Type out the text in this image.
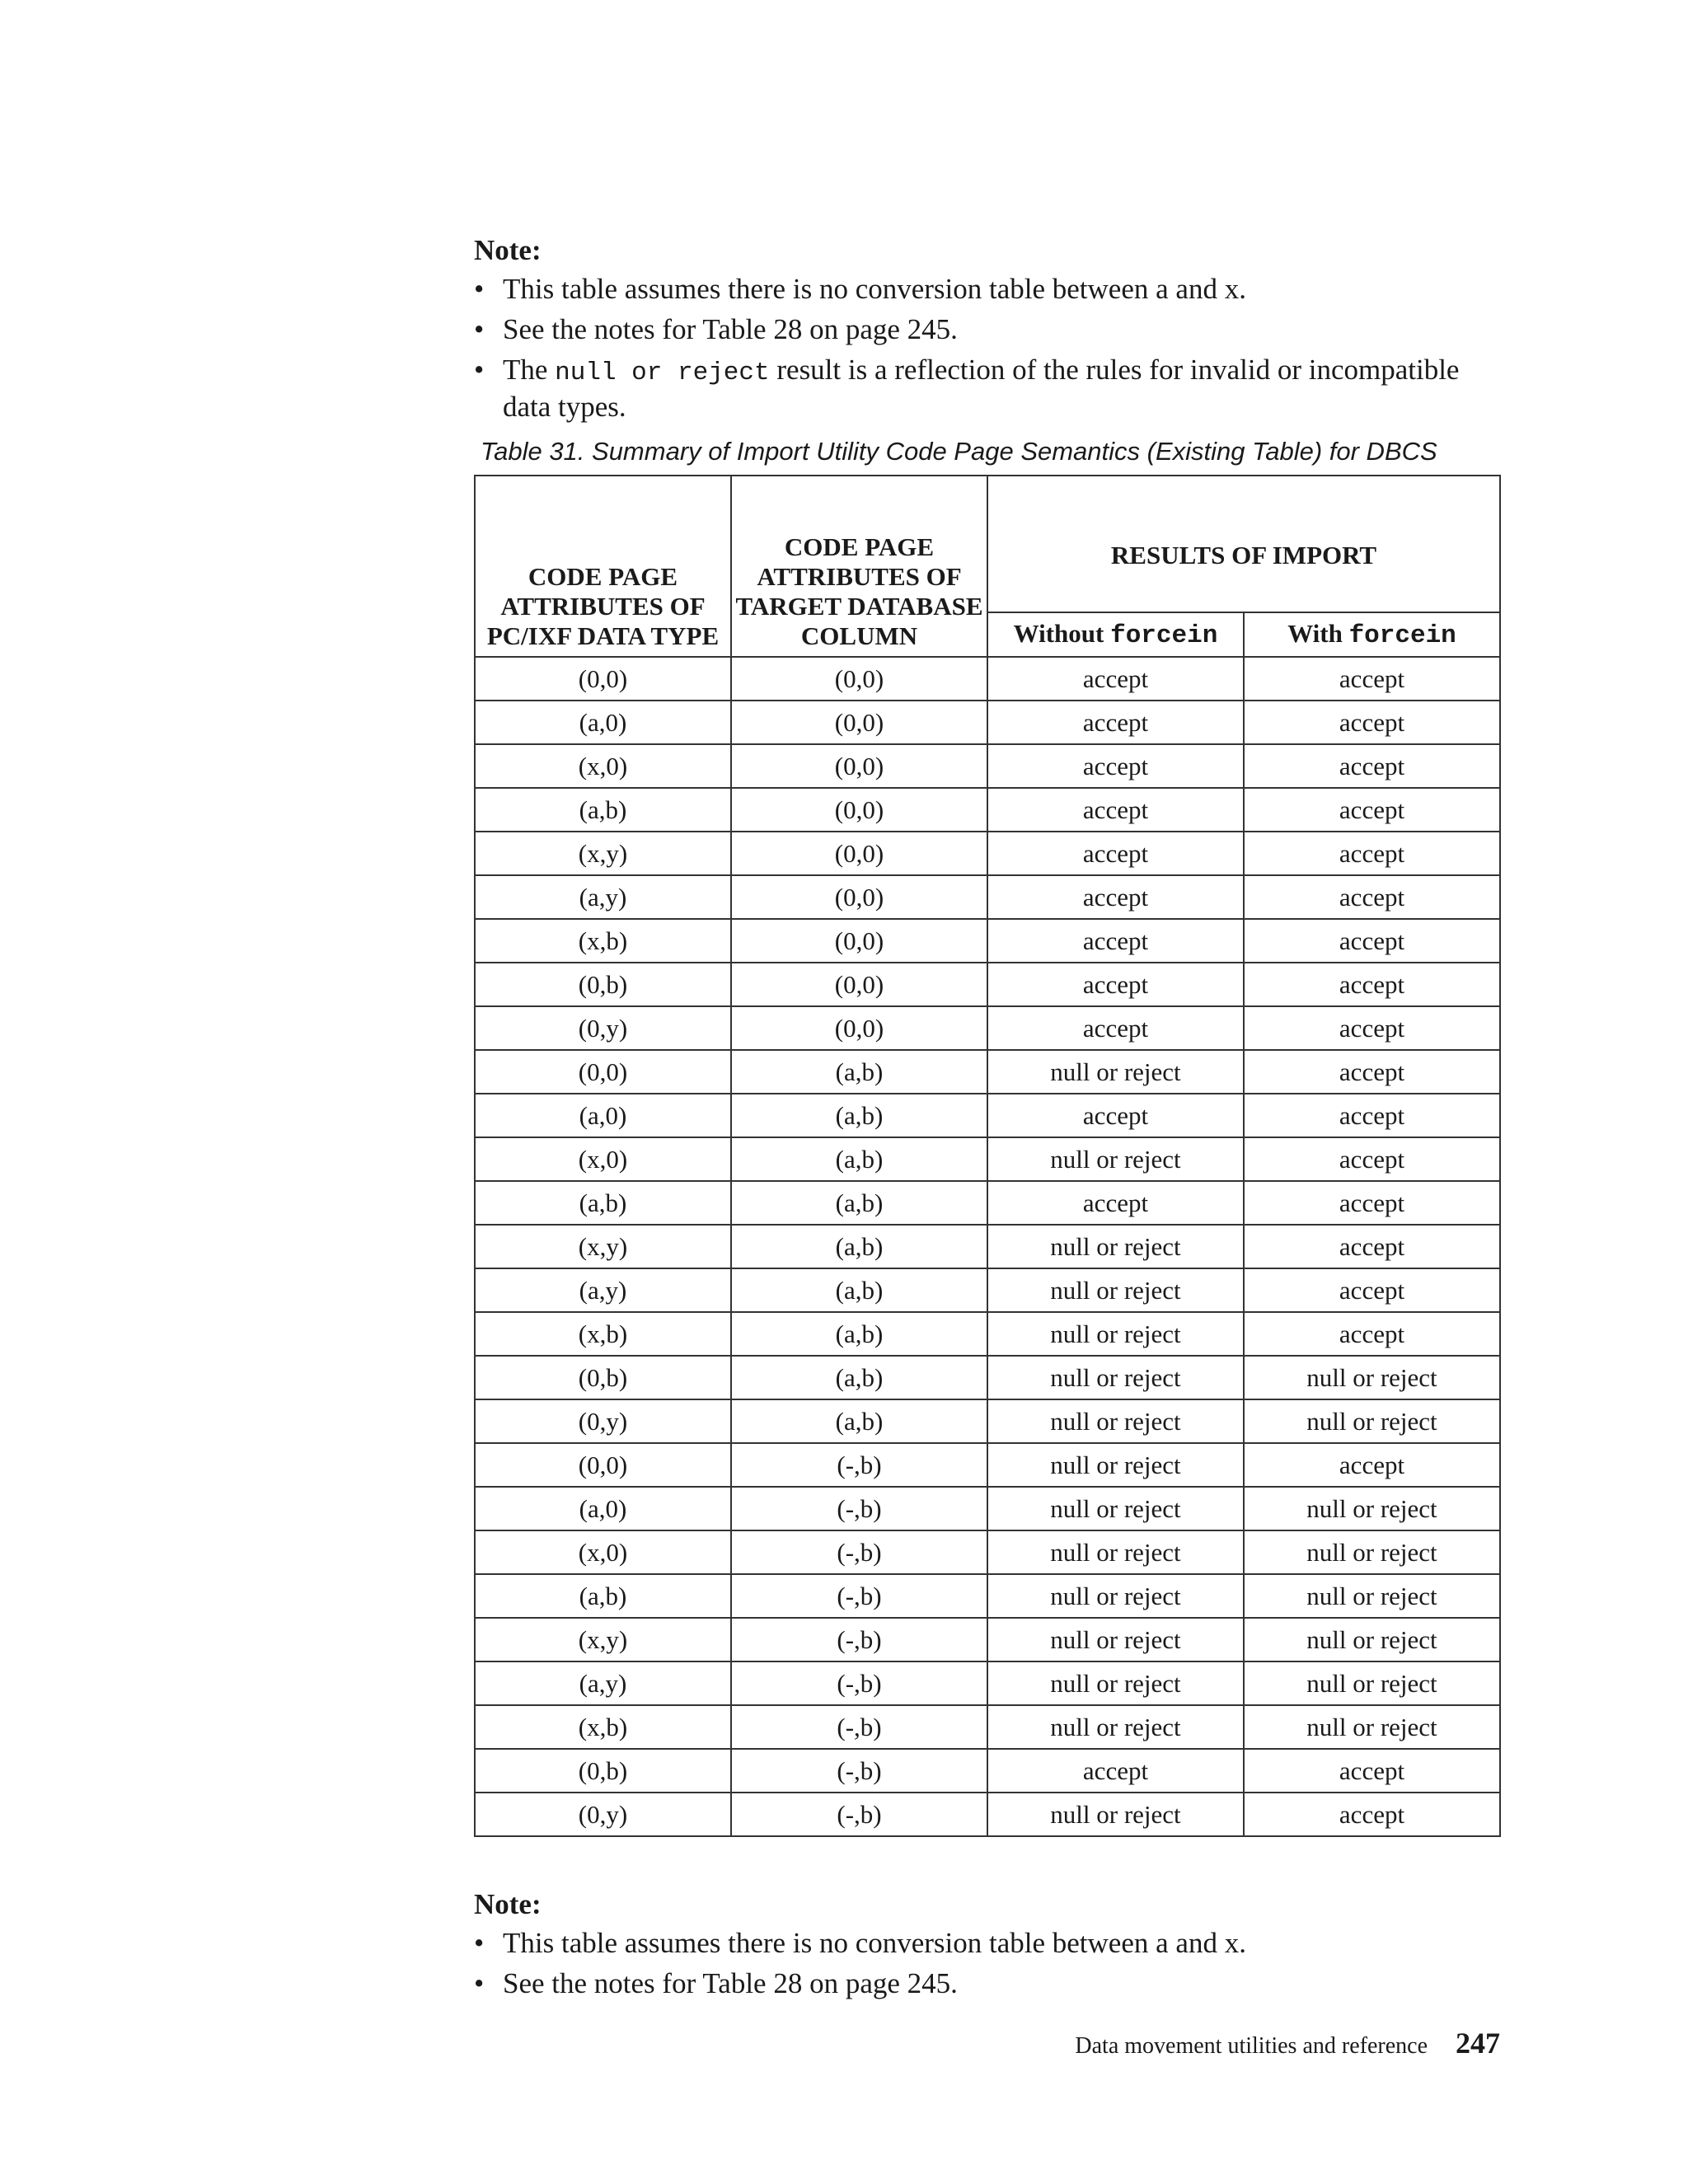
Note:

• This table assumes there is no conversion table between a and x.
• See the notes for Table 28 on page 245.
• The null or reject result is a reflection of the rules for invalid or incompatible data types.
Table 31. Summary of Import Utility Code Page Semantics (Existing Table) for DBCS
CODE PAGE ATTRIBUTES OF PC/IXF DATA TYPE	CODE PAGE ATTRIBUTES OF TARGET DATABASE COLUMN	RESULTS OF IMPORT	
		Without forcein	With forcein
(0,0)	(0,0)	accept	accept
(a,0)	(0,0)	accept	accept
(x,0)	(0,0)	accept	accept
(a,b)	(0,0)	accept	accept
(x,y)	(0,0)	accept	accept
(a,y)	(0,0)	accept	accept
(x,b)	(0,0)	accept	accept
(0,b)	(0,0)	accept	accept
(0,y)	(0,0)	accept	accept
(0,0)	(a,b)	null or reject	accept
(a,0)	(a,b)	accept	accept
(x,0)	(a,b)	null or reject	accept
(a,b)	(a,b)	accept	accept
(x,y)	(a,b)	null or reject	accept
(a,y)	(a,b)	null or reject	accept
(x,b)	(a,b)	null or reject	accept
(0,b)	(a,b)	null or reject	null or reject
(0,y)	(a,b)	null or reject	null or reject
(0,0)	(-,b)	null or reject	accept
(a,0)	(-,b)	null or reject	null or reject
(x,0)	(-,b)	null or reject	null or reject
(a,b)	(-,b)	null or reject	null or reject
(x,y)	(-,b)	null or reject	null or reject
(a,y)	(-,b)	null or reject	null or reject
(x,b)	(-,b)	null or reject	null or reject
(0,b)	(-,b)	accept	accept
(0,y)	(-,b)	null or reject	accept

Note:

• This table assumes there is no conversion table between a and x.
• See the notes for Table 28 on page 245.
Data movement utilities and reference 247
